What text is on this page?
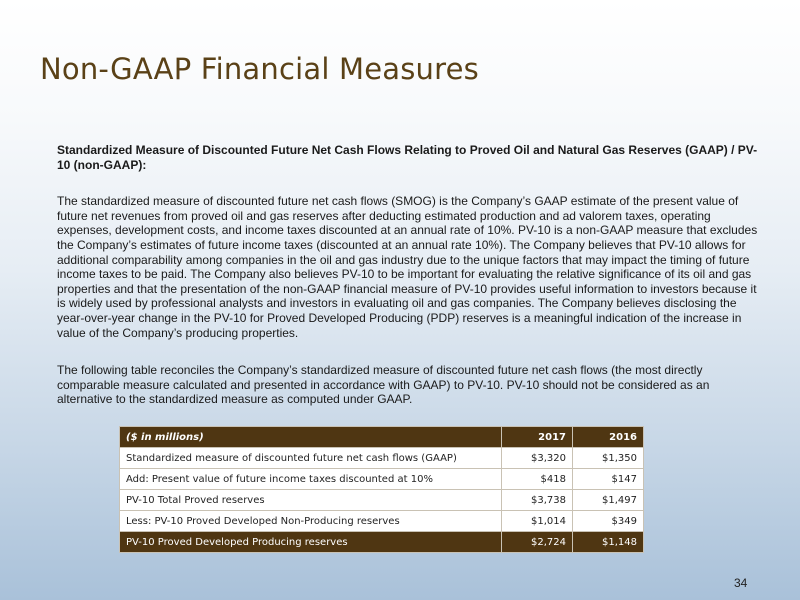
Non-GAAP Financial Measures

Standardized Measure of Discounted Future Net Cash Flows Relating to Proved Oil and Natural Gas Reserves (GAAP) / PV-10 (non-GAAP):

The standardized measure of discounted future net cash flows (SMOG) is the Company’s GAAP estimate of the present value of future net revenues from proved oil and gas reserves after deducting estimated production and ad valorem taxes, operating expenses, development costs, and income taxes discounted at an annual rate of 10%. PV-10 is a non-GAAP measure that excludes the Company’s estimates of future income taxes (discounted at an annual rate 10%). The Company believes that PV-10 allows for additional comparability among companies in the oil and gas industry due to the unique factors that may impact the timing of future income taxes to be paid. The Company also believes PV-10 to be important for evaluating the relative significance of its oil and gas properties and that the presentation of the non-GAAP financial measure of PV-10 provides useful information to investors because it is widely used by professional analysts and investors in evaluating oil and gas companies. The Company believes disclosing the year-over-year change in the PV-10 for Proved Developed Producing (PDP) reserves is a meaningful indication of the increase in value of the Company’s producing properties.

The following table reconciles the Company’s standardized measure of discounted future net cash flows (the most directly comparable measure calculated and presented in accordance with GAAP) to PV-10. PV-10 should not be considered as an alternative to the standardized measure as computed under GAAP.

($ in millions)	2017	2016
Standardized measure of discounted future net cash flows (GAAP)	$3,320	$1,350
Add: Present value of future income taxes discounted at 10%	$418	$147
PV-10 Total Proved reserves	$3,738	$1,497
Less: PV-10 Proved Developed Non-Producing reserves	$1,014	$349
PV-10 Proved Developed Producing reserves	$2,724	$1,148
34
